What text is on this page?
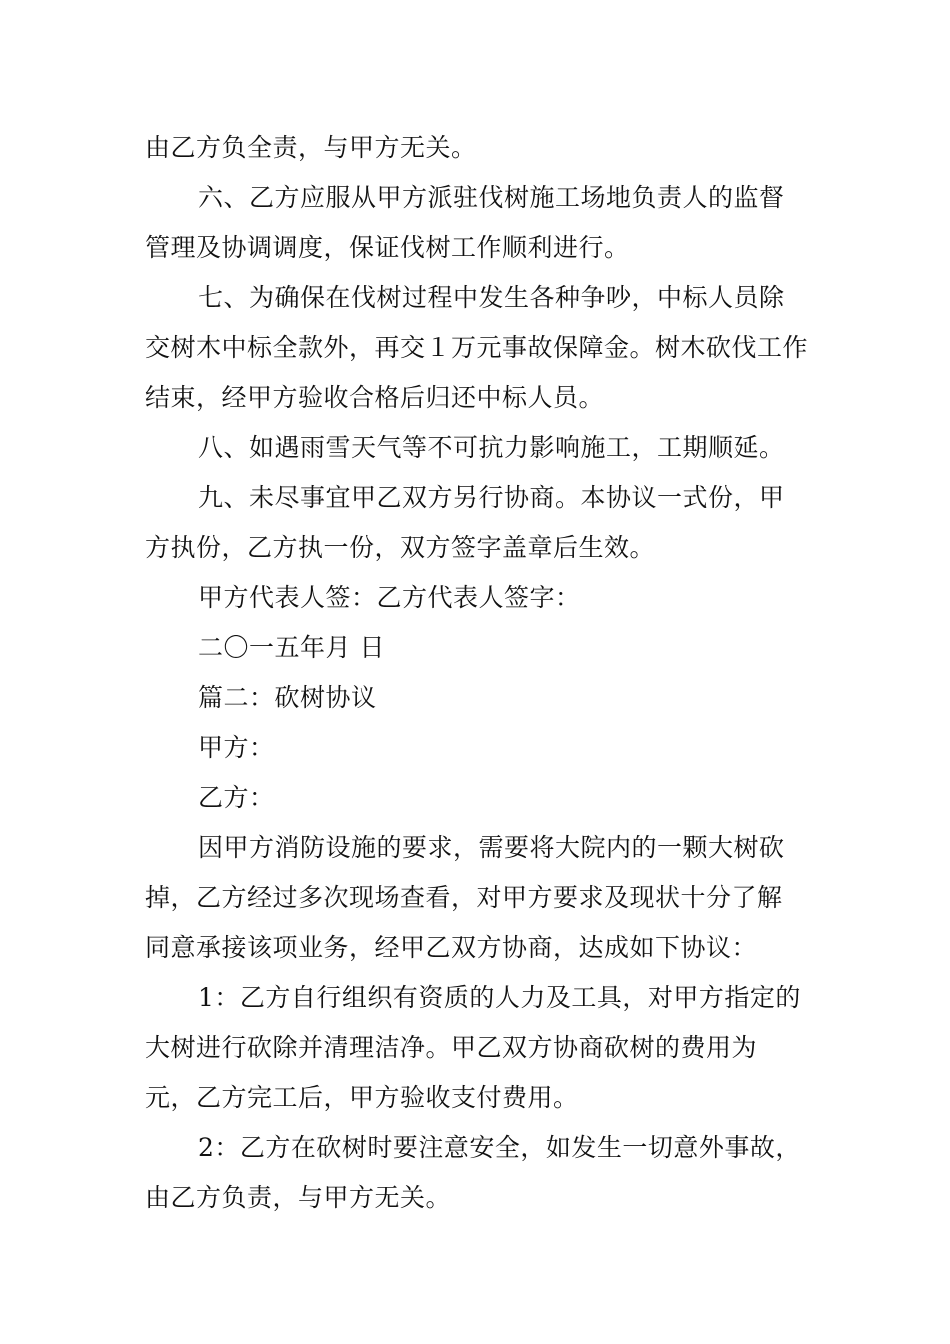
由乙方负全责，与甲方无关。
六、乙方应服从甲方派驻伐树施工场地负责人的监督
管理及协调调度，保证伐树工作顺利进行。
七、为确保在伐树过程中发生各种争吵，中标人员除
交树木中标全款外，再交１万元事故保障金。树木砍伐工作
结束，经甲方验收合格后归还中标人员。
八、如遇雨雪天气等不可抗力影响施工，工期顺延。
九、未尽事宜甲乙双方另行协商。本协议一式份，甲
方执份，乙方执一份，双方签字盖章后生效。
甲方代表人签：乙方代表人签字：
二〇一五年月 日
篇二：砍树协议
甲方：
乙方：
因甲方消防设施的要求，需要将大院内的一颗大树砍
掉，乙方经过多次现场查看，对甲方要求及现状十分了解
同意承接该项业务，经甲乙双方协商，达成如下协议：
1：乙方自行组织有资质的人力及工具，对甲方指定的
大树进行砍除并清理洁净。甲乙双方协商砍树的费用为
元，乙方完工后，甲方验收支付费用。
2：乙方在砍树时要注意安全，如发生一切意外事故，
由乙方负责，与甲方无关。
